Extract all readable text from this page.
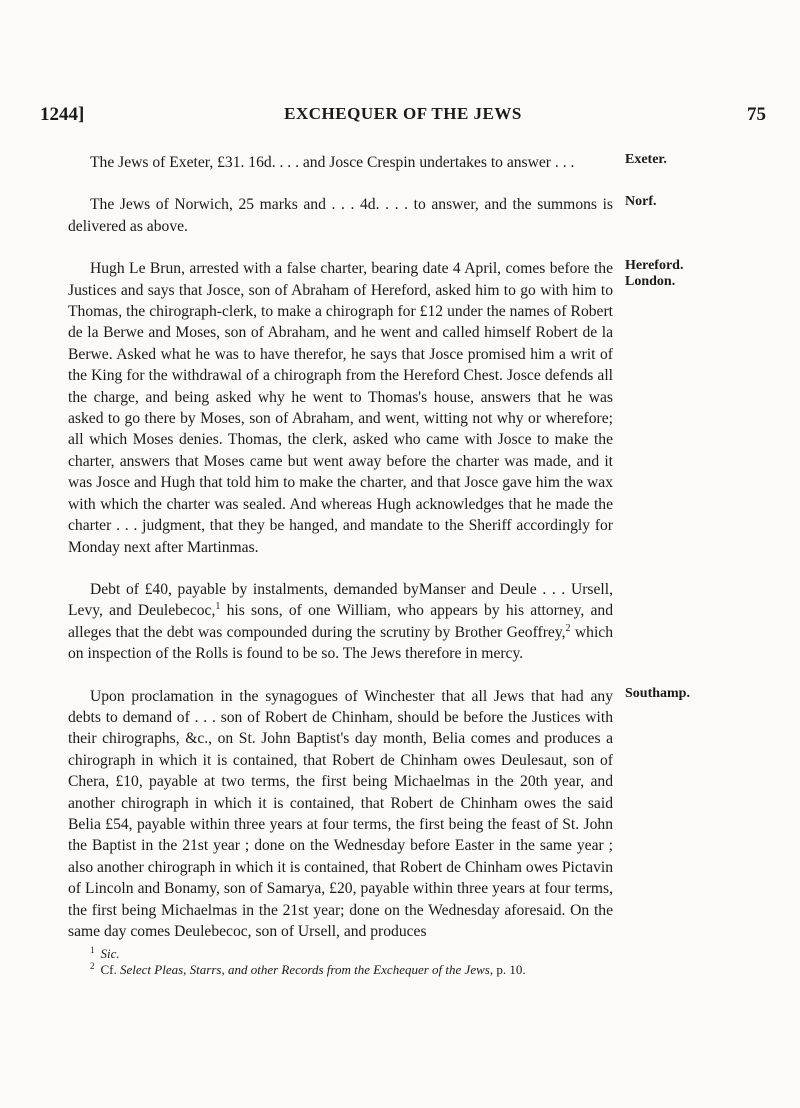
1244]	EXCHEQUER OF THE JEWS	75

Exeter.
The Jews of Exeter, £31. 16d. . . . and Josce Crespin undertakes to answer . . .

Norf.
The Jews of Norwich, 25 marks and . . . 4d. . . . to answer, and the summons is delivered as above.

Hereford. London.
Hugh Le Brun, arrested with a false charter, bearing date 4 April, comes before the Justices and says that Josce, son of Abraham of Hereford, asked him to go with him to Thomas, the chirograph-clerk, to make a chirograph for £12 under the names of Robert de la Berwe and Moses, son of Abraham, and he went and called himself Robert de la Berwe. Asked what he was to have therefor, he says that Josce promised him a writ of the King for the withdrawal of a chirograph from the Hereford Chest. Josce defends all the charge, and being asked why he went to Thomas's house, answers that he was asked to go there by Moses, son of Abraham, and went, witting not why or wherefore; all which Moses denies. Thomas, the clerk, asked who came with Josce to make the charter, answers that Moses came but went away before the charter was made, and it was Josce and Hugh that told him to make the charter, and that Josce gave him the wax with which the charter was sealed. And whereas Hugh acknowledges that he made the charter . . . judgment, that they be hanged, and mandate to the Sheriff accordingly for Monday next after Martinmas.

Debt of £40, payable by instalments, demanded byManser and Deule . . . Ursell, Levy, and Deulebecoc,$^1$ his sons, of one William, who appears by his attorney, and alleges that the debt was compounded during the scrutiny by Brother Geoffrey,$^2$ which on inspection of the Rolls is found to be so. The Jews therefore in mercy.

Southamp.
Upon proclamation in the synagogues of Winchester that all Jews that had any debts to demand of . . . son of Robert de Chinham, should be before the Justices with their chirographs, &c., on St. John Baptist's day month, Belia comes and produces a chirograph in which it is contained, that Robert de Chinham owes Deulesaut, son of Chera, £10, payable at two terms, the first being Michaelmas in the 20th year, and another chirograph in which it is contained, that Robert de Chinham owes the said Belia £54, payable within three years at four terms, the first being the feast of St. John the Baptist in the 21st year ; done on the Wednesday before Easter in the same year ; also another chirograph in which it is contained, that Robert de Chinham owes Pictavin of Lincoln and Bonamy, son of Samarya, £20, payable within three years at four terms, the first being Michaelmas in the 21st year; done on the Wednesday aforesaid. On the same day comes Deulebecoc, son of Ursell, and produces

$^1$ Sic.

$^2$ Cf. Select Pleas, Starrs, and other Records from the Exchequer of the Jews, p. 10.
